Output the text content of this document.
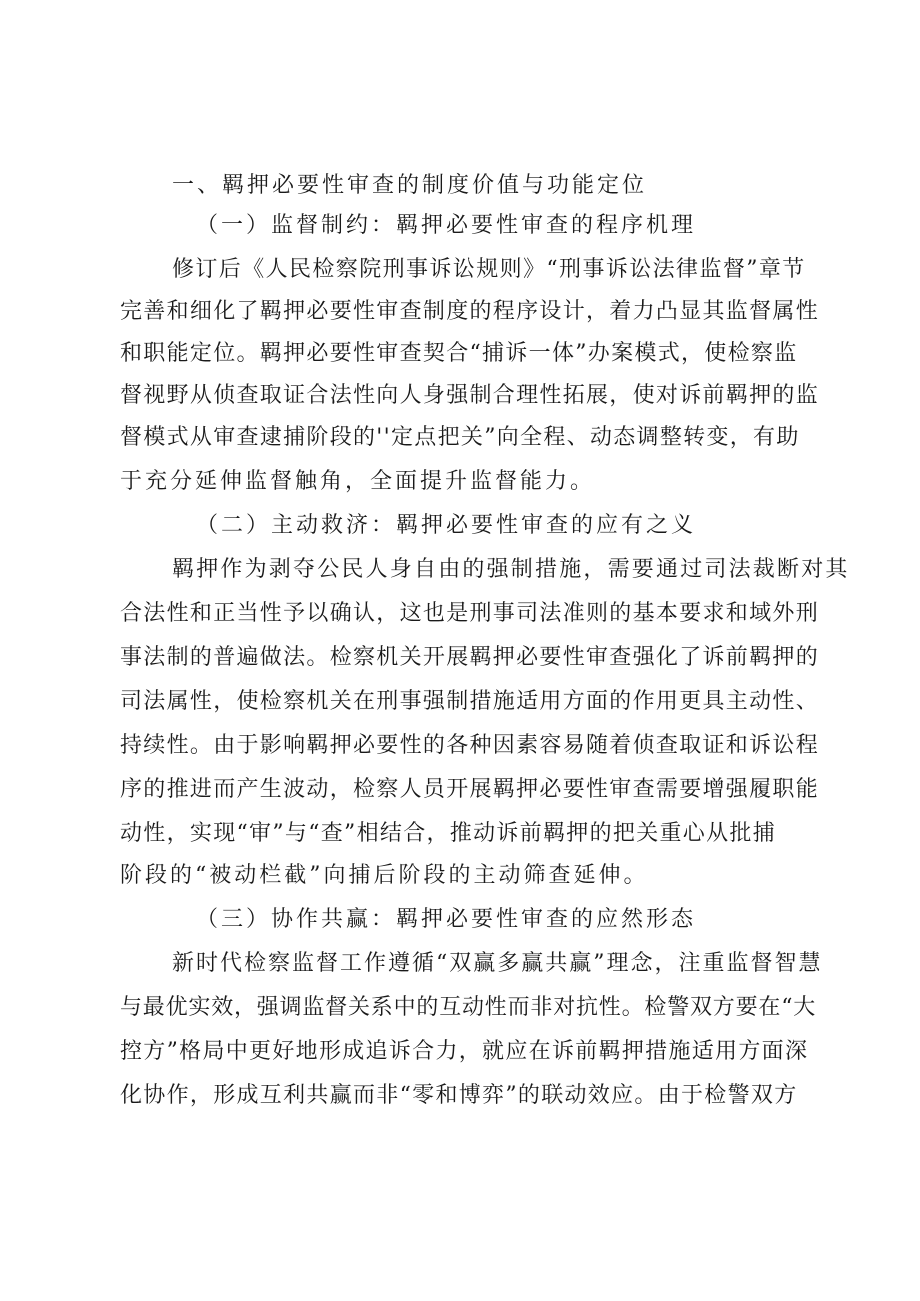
一、羁押必要性审查的制度价值与功能定位
（一）监督制约：羁押必要性审查的程序机理
修订后《人民检察院刑事诉讼规则》“刑事诉讼法律监督”章节
完善和细化了羁押必要性审查制度的程序设计，着力凸显其监督属性
和职能定位。羁押必要性审查契合“捕诉一体”办案模式，使检察监
督视野从侦查取证合法性向人身强制合理性拓展，使对诉前羁押的监
督模式从审查逮捕阶段的''定点把关”向全程、动态调整转变，有助
于充分延伸监督触角，全面提升监督能力。
（二）主动救济：羁押必要性审查的应有之义
羁押作为剥夺公民人身自由的强制措施，需要通过司法裁断对其
合法性和正当性予以确认，这也是刑事司法准则的基本要求和域外刑
事法制的普遍做法。检察机关开展羁押必要性审查强化了诉前羁押的
司法属性，使检察机关在刑事强制措施适用方面的作用更具主动性、
持续性。由于影响羁押必要性的各种因素容易随着侦查取证和诉讼程
序的推进而产生波动，检察人员开展羁押必要性审查需要增强履职能
动性，实现“审”与“查”相结合，推动诉前羁押的把关重心从批捕
阶段的“被动栏截”向捕后阶段的主动筛查延伸。
（三）协作共赢：羁押必要性审查的应然形态
新时代检察监督工作遵循“双赢多赢共赢”理念，注重监督智慧
与最优实效，强调监督关系中的互动性而非对抗性。检警双方要在“大
控方”格局中更好地形成追诉合力，就应在诉前羁押措施适用方面深
化协作，形成互利共赢而非“零和博弈”的联动效应。由于检警双方
